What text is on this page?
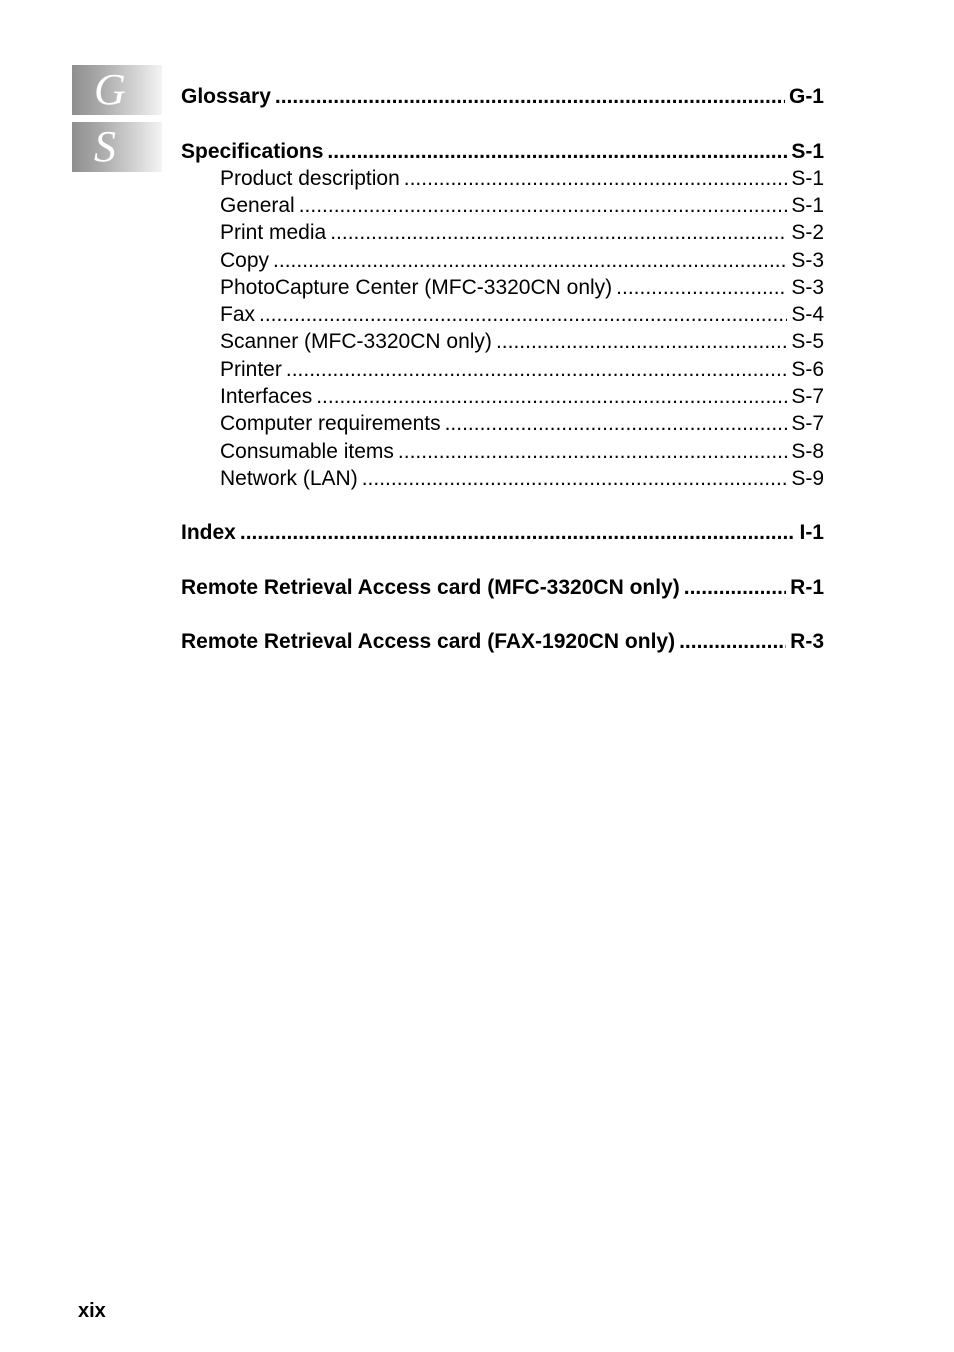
G
S
Glossary .....	G-1
Specifications .....	S-1
Product description .....	S-1
General .....	S-1
Print media .....	S-2
Copy .....	S-3
PhotoCapture Center (MFC-3320CN only) .....	S-3
Fax .....	S-4
Scanner (MFC-3320CN only) .....	S-5
Printer .....	S-6
Interfaces .....	S-7
Computer requirements .....	S-7
Consumable items .....	S-8
Network (LAN) .....	S-9
Index .....	I-1
Remote Retrieval Access card (MFC-3320CN only) .....	R-1
Remote Retrieval Access card (FAX-1920CN only) .....	R-3
xix
